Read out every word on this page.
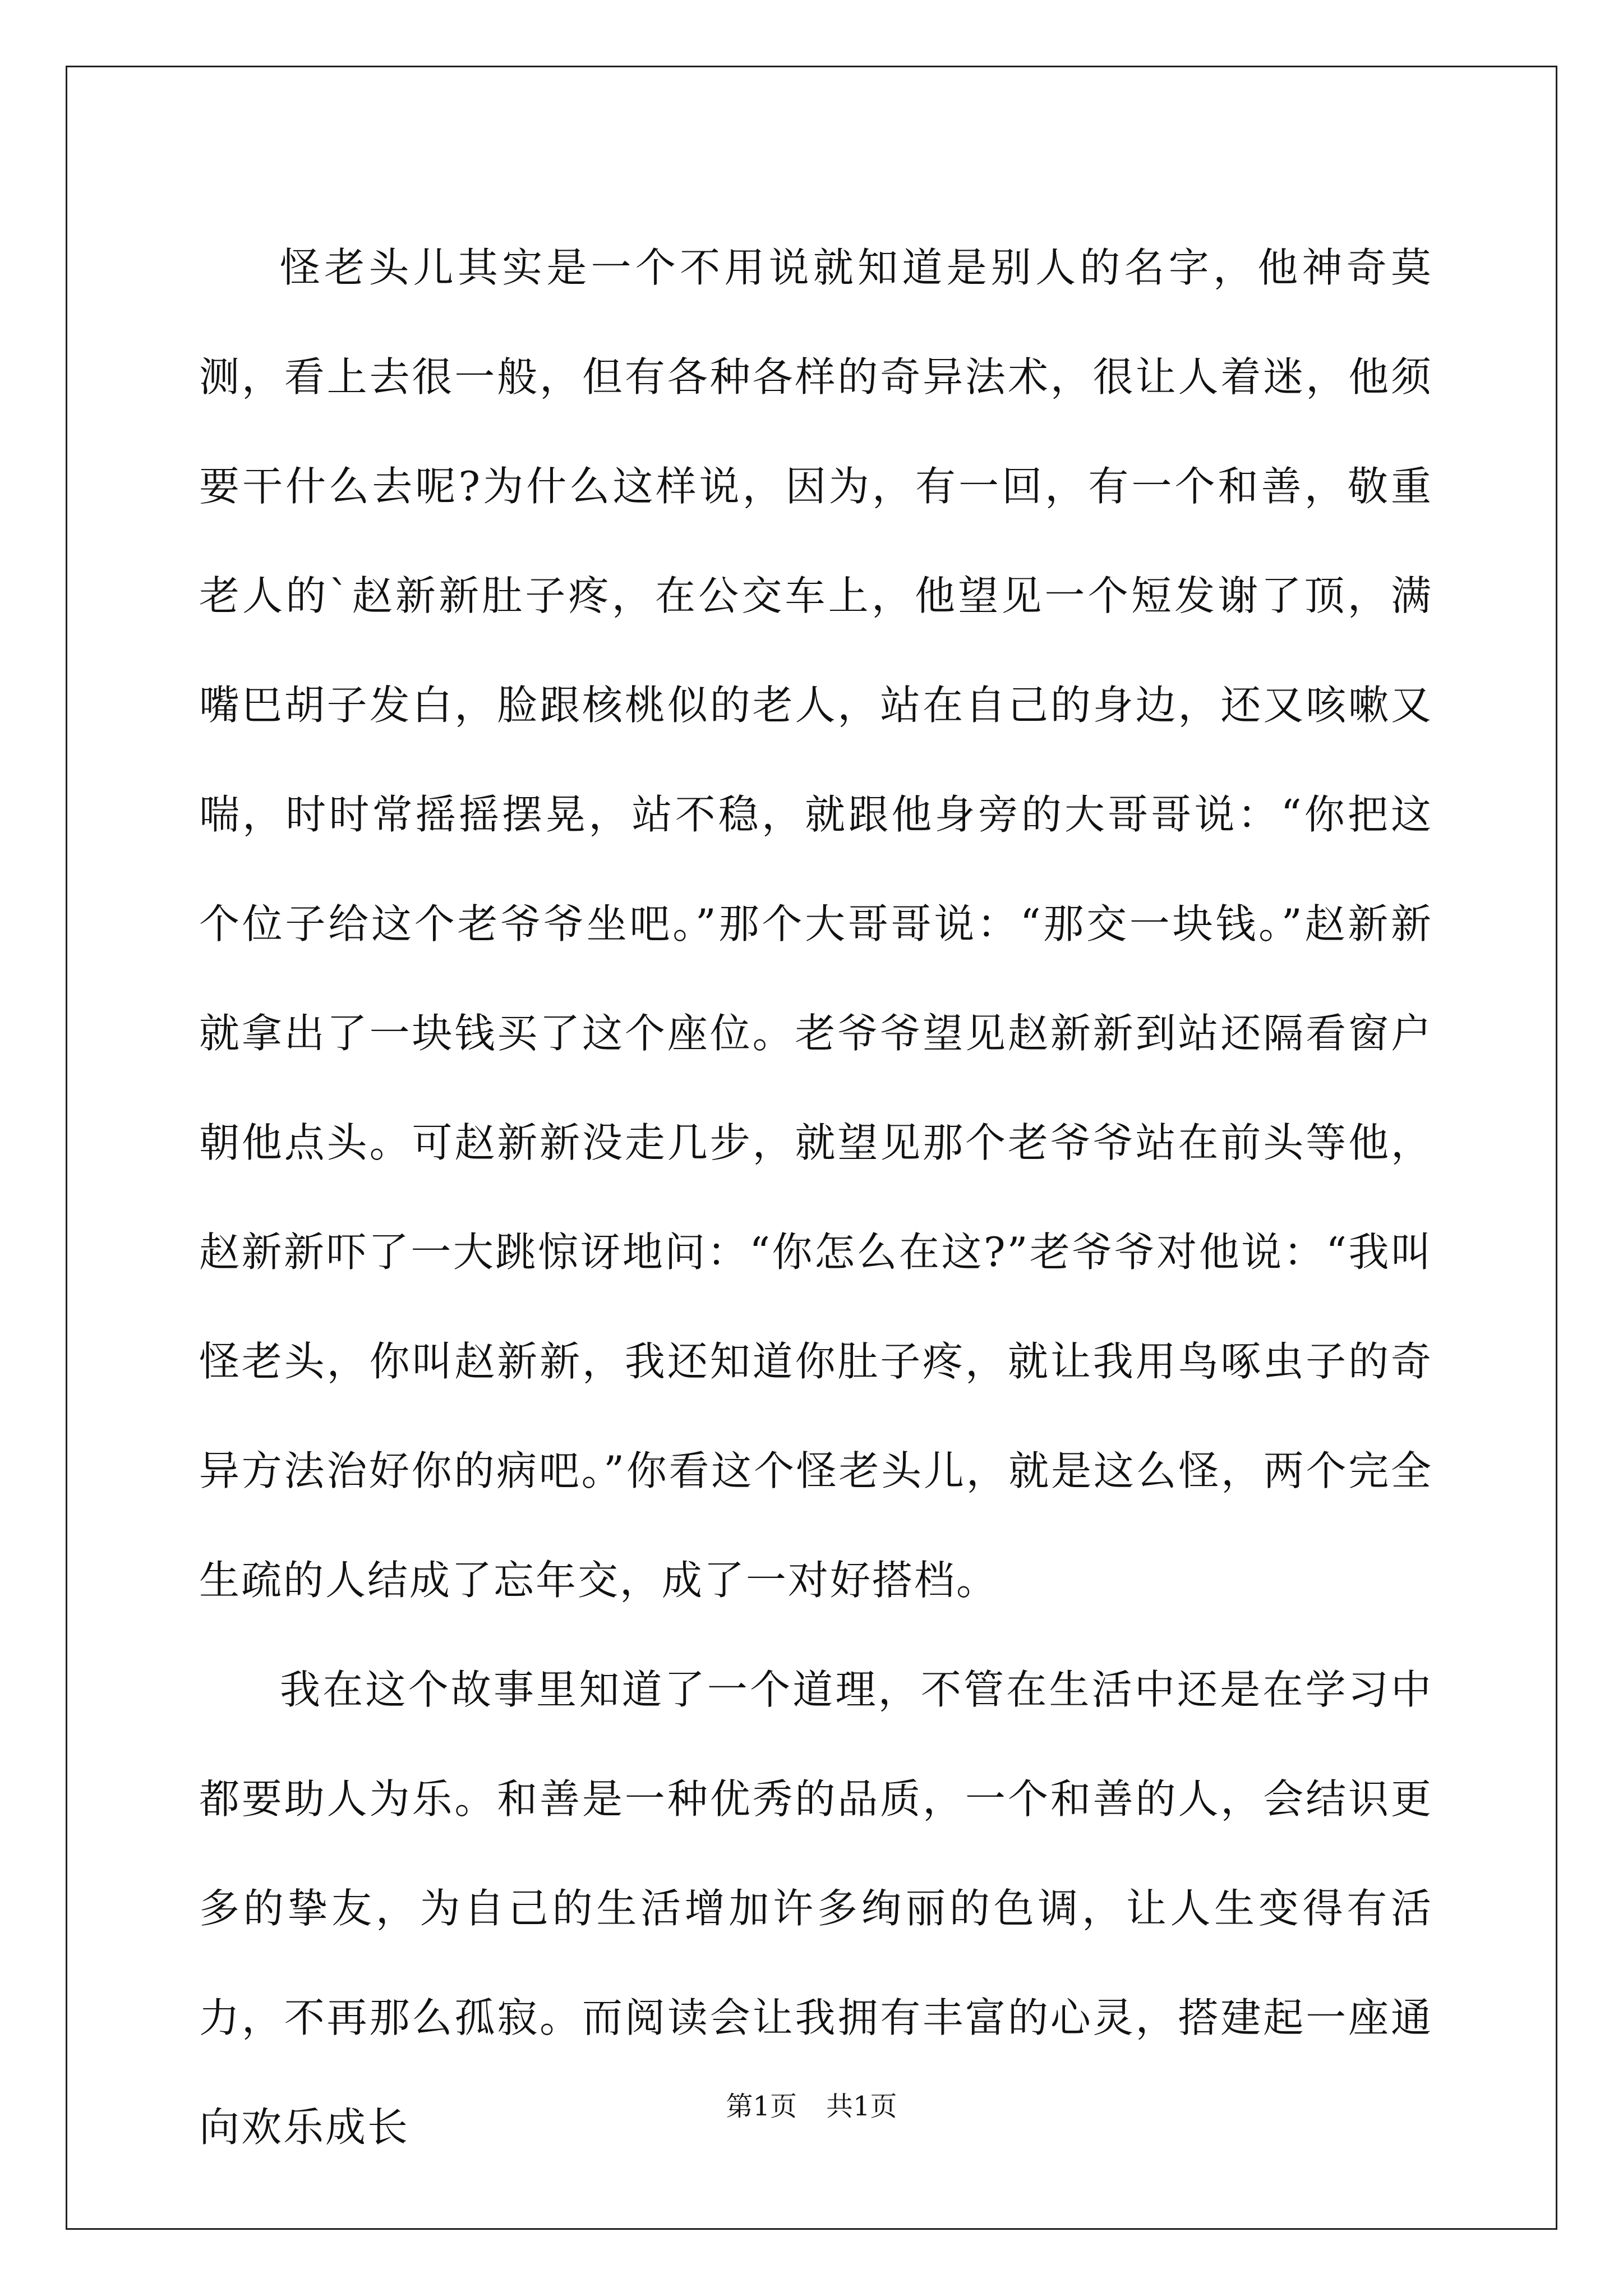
怪老头儿其实是一个不用说就知道是别人的名字，他神奇莫测，看上去很一般，但有各种各样的奇异法术，很让人着迷，他须要干什么去呢?为什么这样说，因为，有一回，有一个和善，敬重老人的`赵新新肚子疼，在公交车上，他望见一个短发谢了顶，满嘴巴胡子发白，脸跟核桃似的老人，站在自己的身边，还又咳嗽又喘，时时常摇摇摆晃，站不稳，就跟他身旁的大哥哥说：“你把这个位子给这个老爷爷坐吧。”那个大哥哥说：“那交一块钱。”赵新新就拿出了一块钱买了这个座位。老爷爷望见赵新新到站还隔看窗户朝他点头。可赵新新没走几步，就望见那个老爷爷站在前头等他，赵新新吓了一大跳惊讶地问：“你怎么在这?”老爷爷对他说：“我叫怪老头，你叫赵新新，我还知道你肚子疼，就让我用鸟啄虫子的奇异方法治好你的病吧。”你看这个怪老头儿，就是这么怪，两个完全生疏的人结成了忘年交，成了一对好搭档。

我在这个故事里知道了一个道理，不管在生活中还是在学习中都要助人为乐。和善是一种优秀的品质，一个和善的人，会结识更多的挚友，为自己的生活增加许多绚丽的色调，让人生变得有活力，不再那么孤寂。而阅读会让我拥有丰富的心灵，搭建起一座通向欢乐成长	第1页 共1页
